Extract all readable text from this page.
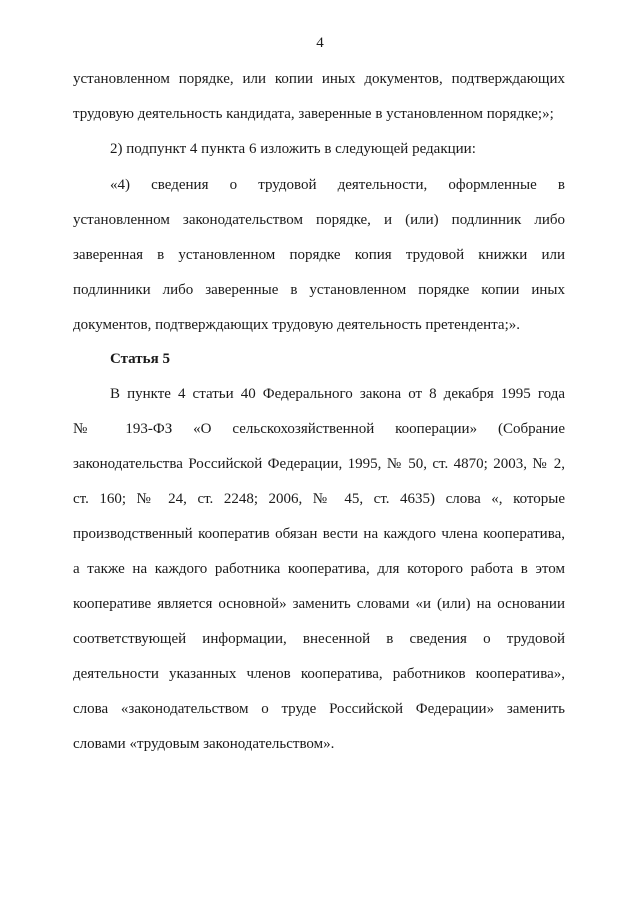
4
установленном порядке, или копии иных документов, подтверждающих
трудовую деятельность кандидата, заверенные в установленном порядке;»;
2) подпункт 4 пункта 6 изложить в следующей редакции:
«4) сведения о трудовой деятельности, оформленные в
установленном законодательством порядке, и (или) подлинник либо
заверенная в установленном порядке копия трудовой книжки или
подлинники либо заверенные в установленном порядке копии иных
документов, подтверждающих трудовую деятельность претендента;».
Статья 5
В пункте 4 статьи 40 Федерального закона от 8 декабря 1995 года
№ 193-ФЗ «О сельскохозяйственной кооперации» (Собрание
законодательства Российской Федерации, 1995, № 50, ст. 4870; 2003, № 2,
ст. 160; № 24, ст. 2248; 2006, № 45, ст. 4635) слова «, которые
производственный кооператив обязан вести на каждого члена кооператива,
а также на каждого работника кооператива, для которого работа в этом
кооперативе является основной» заменить словами «и (или) на основании
соответствующей информации, внесенной в сведения о трудовой
деятельности указанных членов кооператива, работников кооператива»,
слова «законодательством о труде Российской Федерации» заменить
словами «трудовым законодательством».
